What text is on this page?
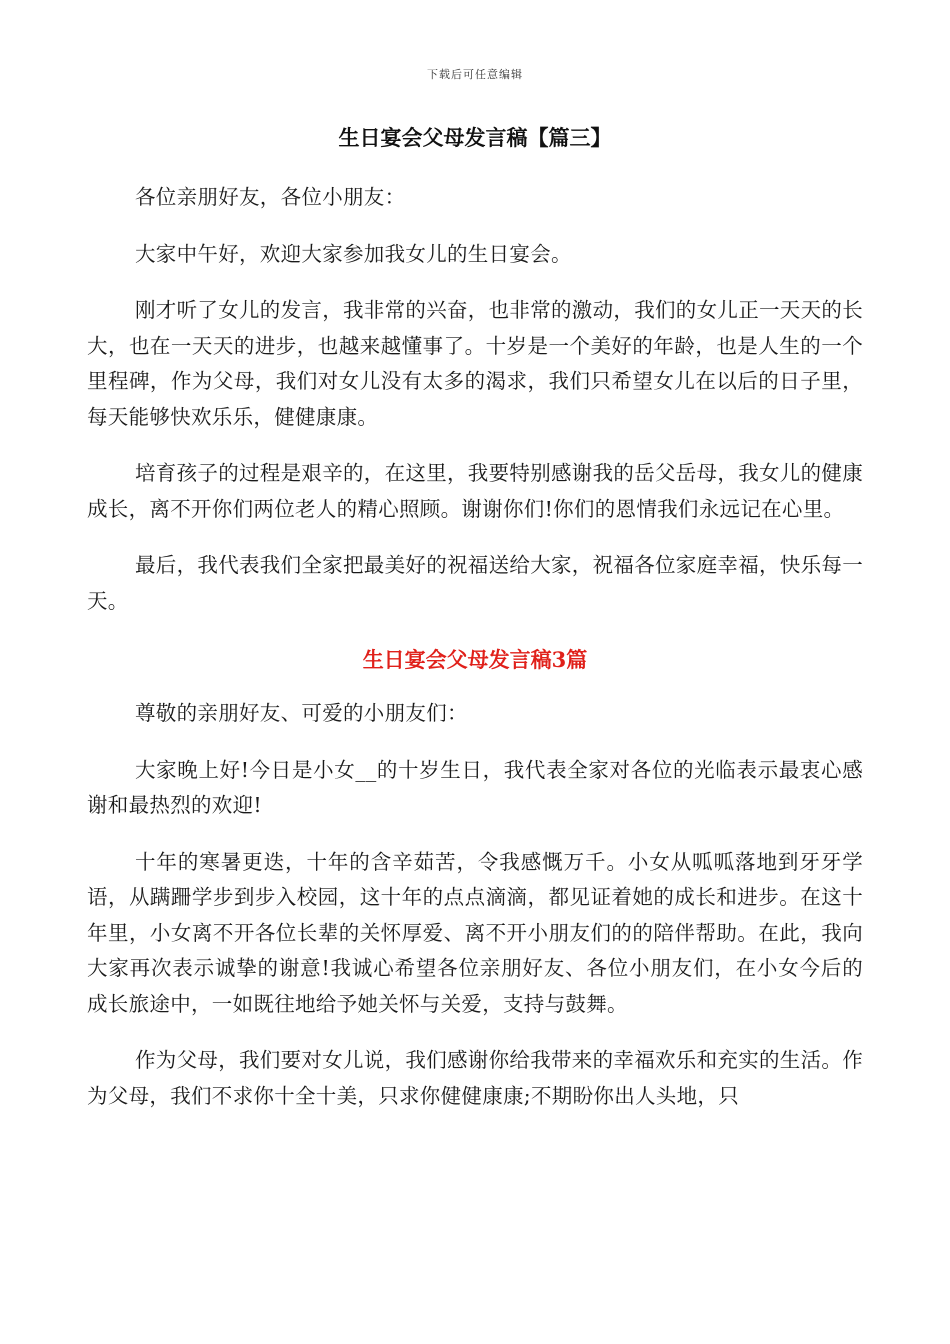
下载后可任意编辑
生日宴会父母发言稿【篇三】

各位亲朋好友，各位小朋友：

大家中午好，欢迎大家参加我女儿的生日宴会。

刚才听了女儿的发言，我非常的兴奋，也非常的激动，我们的女儿正一天天的长大，也在一天天的进步，也越来越懂事了。十岁是一个美好的年龄，也是人生的一个里程碑，作为父母，我们对女儿没有太多的渴求，我们只希望女儿在以后的日子里，每天能够快欢乐乐，健健康康。

培育孩子的过程是艰辛的，在这里，我要特别感谢我的岳父岳母，我女儿的健康成长，离不开你们两位老人的精心照顾。谢谢你们!你们的恩情我们永远记在心里。

最后，我代表我们全家把最美好的祝福送给大家，祝福各位家庭幸福，快乐每一天。

生日宴会父母发言稿3篇

尊敬的亲朋好友、可爱的小朋友们：

大家晚上好!今日是小女__的十岁生日，我代表全家对各位的光临表示最衷心感谢和最热烈的欢迎!

十年的寒暑更迭，十年的含辛茹苦，令我感慨万千。小女从呱呱落地到牙牙学语，从蹒跚学步到步入校园，这十年的点点滴滴，都见证着她的成长和进步。在这十年里，小女离不开各位长辈的关怀厚爱、离不开小朋友们的的陪伴帮助。在此，我向大家再次表示诚挚的谢意!我诚心希望各位亲朋好友、各位小朋友们，在小女今后的成长旅途中，一如既往地给予她关怀与关爱，支持与鼓舞。

作为父母，我们要对女儿说，我们感谢你给我带来的幸福欢乐和充实的生活。作为父母，我们不求你十全十美，只求你健健康康;不期盼你出人头地，只
